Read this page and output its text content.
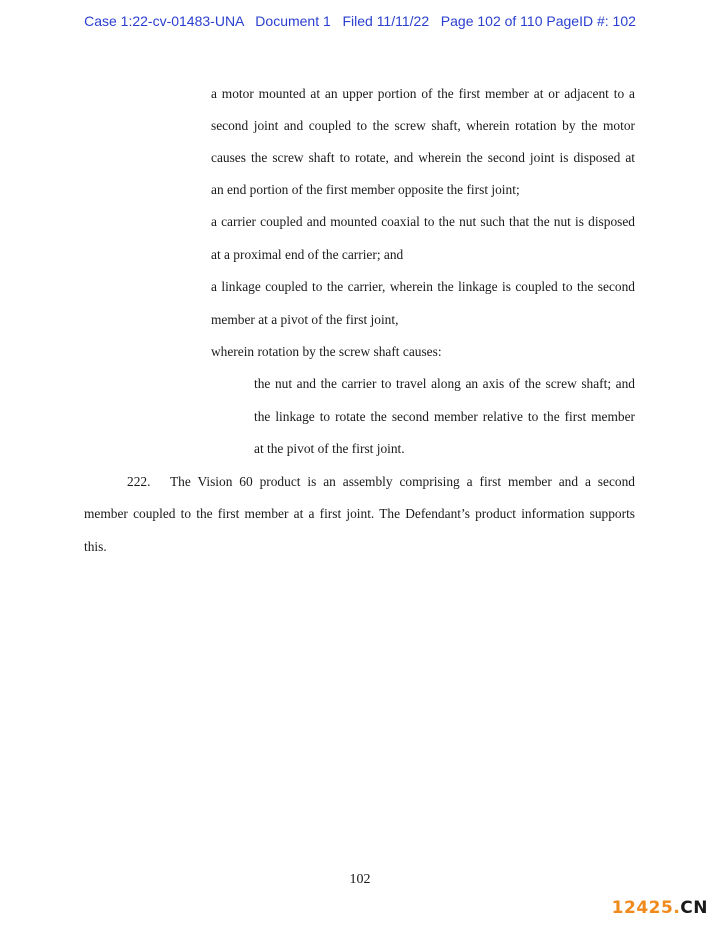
Case 1:22-cv-01483-UNA Document 1 Filed 11/11/22 Page 102 of 110 PageID #: 102
a motor mounted at an upper portion of the first member at or adjacent to a
second joint and coupled to the screw shaft, wherein rotation by the motor
causes the screw shaft to rotate, and wherein the second joint is disposed at
an end portion of the first member opposite the first joint;
a carrier coupled and mounted coaxial to the nut such that the nut is disposed
at a proximal end of the carrier; and
a linkage coupled to the carrier, wherein the linkage is coupled to the second
member at a pivot of the first joint,
wherein rotation by the screw shaft causes:
the nut and the carrier to travel along an axis of the screw shaft; and
the linkage to rotate the second member relative to the first member
at the pivot of the first joint.
222. The Vision 60 product is an assembly comprising a first member and a second
member coupled to the first member at a first joint. The Defendant’s product information supports
this.
102
12425.CN
